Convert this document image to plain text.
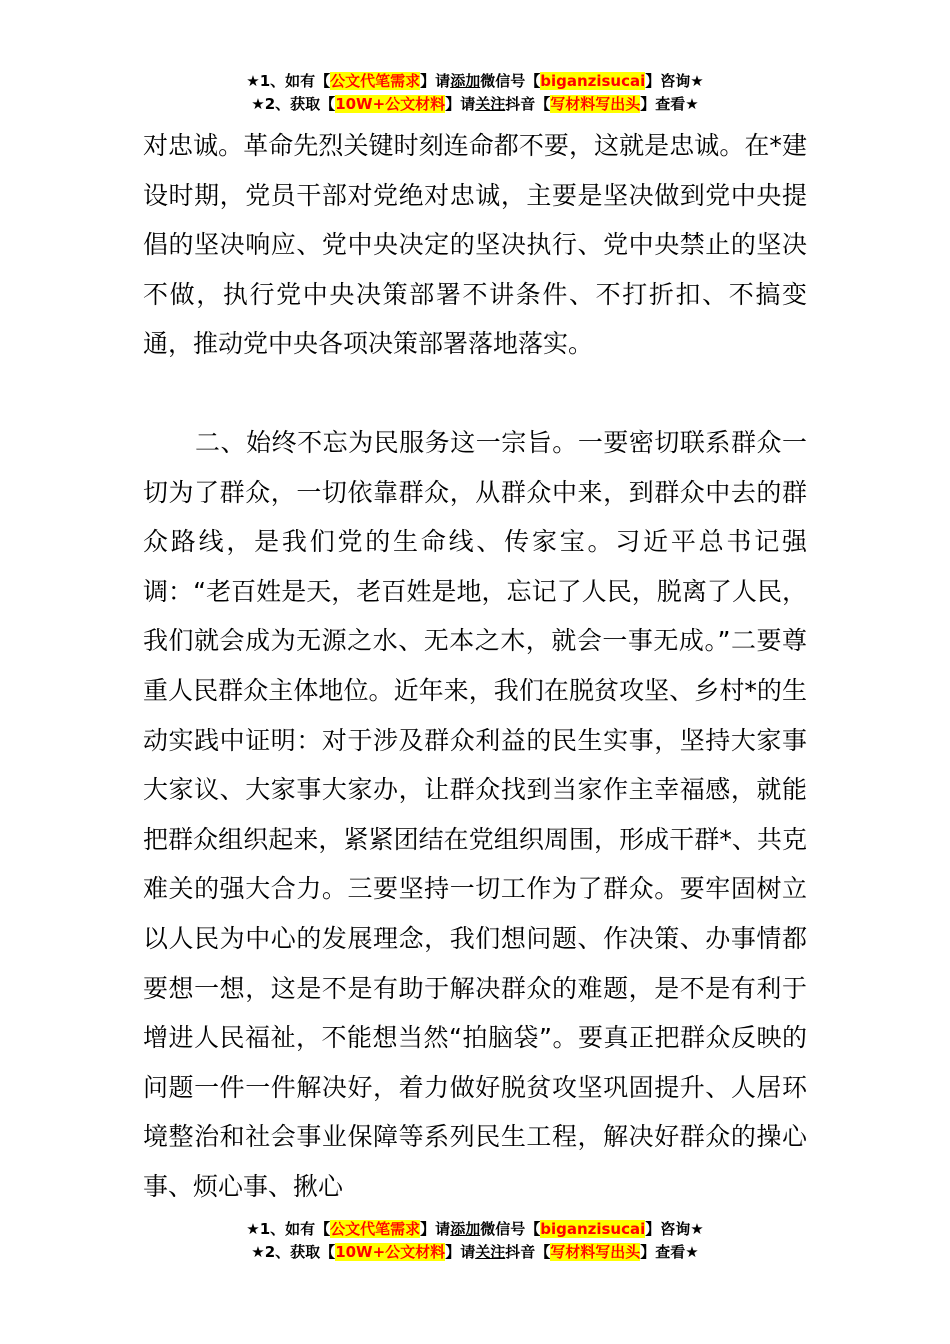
★1、如有【公文代笔需求】请添加微信号【biganzisucai】咨询★
★2、获取【10W+公文材料】请关注抖音【写材料写出头】查看★

对忠诚。革命先烈关键时刻连命都不要，这就是忠诚。在*建设时期，党员干部对党绝对忠诚，主要是坚决做到党中央提倡的坚决响应、党中央决定的坚决执行、党中央禁止的坚决不做，执行党中央决策部署不讲条件、不打折扣、不搞变通，推动党中央各项决策部署落地落实。

二、始终不忘为民服务这一宗旨。一要密切联系群众一切为了群众，一切依靠群众，从群众中来，到群众中去的群众路线，是我们党的生命线、传家宝。习近平总书记强调：“老百姓是天，老百姓是地，忘记了人民，脱离了人民，我们就会成为无源之水、无本之木，就会一事无成。”二要尊重人民群众主体地位。近年来，我们在脱贫攻坚、乡村*的生动实践中证明：对于涉及群众利益的民生实事，坚持大家事大家议、大家事大家办，让群众找到当家作主幸福感，就能把群众组织起来，紧紧团结在党组织周围，形成干群*、共克难关的强大合力。三要坚持一切工作为了群众。要牢固树立以人民为中心的发展理念，我们想问题、作决策、办事情都要想一想，这是不是有助于解决群众的难题，是不是有利于增进人民福祉，不能想当然“拍脑袋”。要真正把群众反映的问题一件一件解决好，着力做好脱贫攻坚巩固提升、人居环境整治和社会事业保障等系列民生工程，解决好群众的操心事、烦心事、揪心

★1、如有【公文代笔需求】请添加微信号【biganzisucai】咨询★
★2、获取【10W+公文材料】请关注抖音【写材料写出头】查看★
